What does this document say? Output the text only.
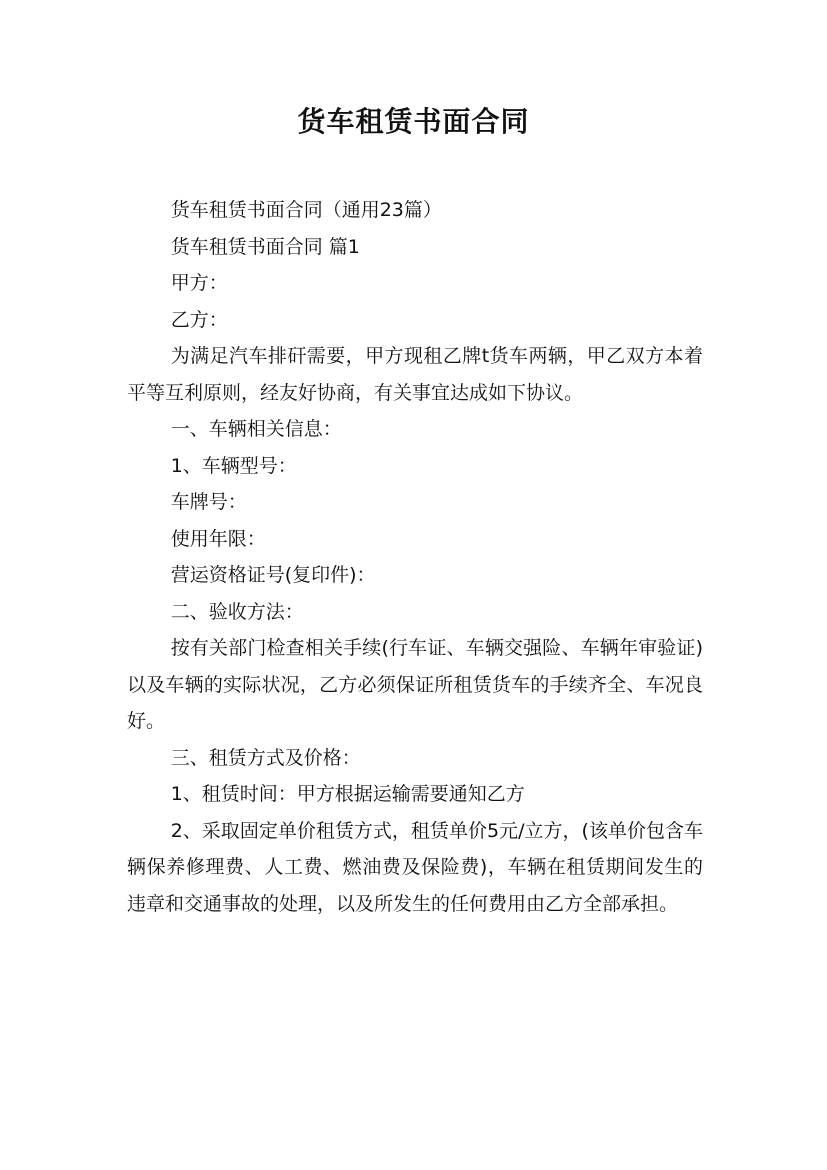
货车租赁书面合同

货车租赁书面合同（通用23篇）

货车租赁书面合同 篇1

甲方：

乙方：

为满足汽车排矸需要，甲方现租乙牌t货车两辆，甲乙双方本着平等互利原则，经友好协商，有关事宜达成如下协议。

一、车辆相关信息：

1、车辆型号：

车牌号：

使用年限：

营运资格证号(复印件)：

二、验收方法：

按有关部门检查相关手续(行车证、车辆交强险、车辆年审验证)以及车辆的实际状况，乙方必须保证所租赁货车的手续齐全、车况良好。

三、租赁方式及价格：

1、租赁时间：甲方根据运输需要通知乙方

2、采取固定单价租赁方式，租赁单价5元/立方，(该单价包含车辆保养修理费、人工费、燃油费及保险费)，车辆在租赁期间发生的违章和交通事故的处理，以及所发生的任何费用由乙方全部承担。
